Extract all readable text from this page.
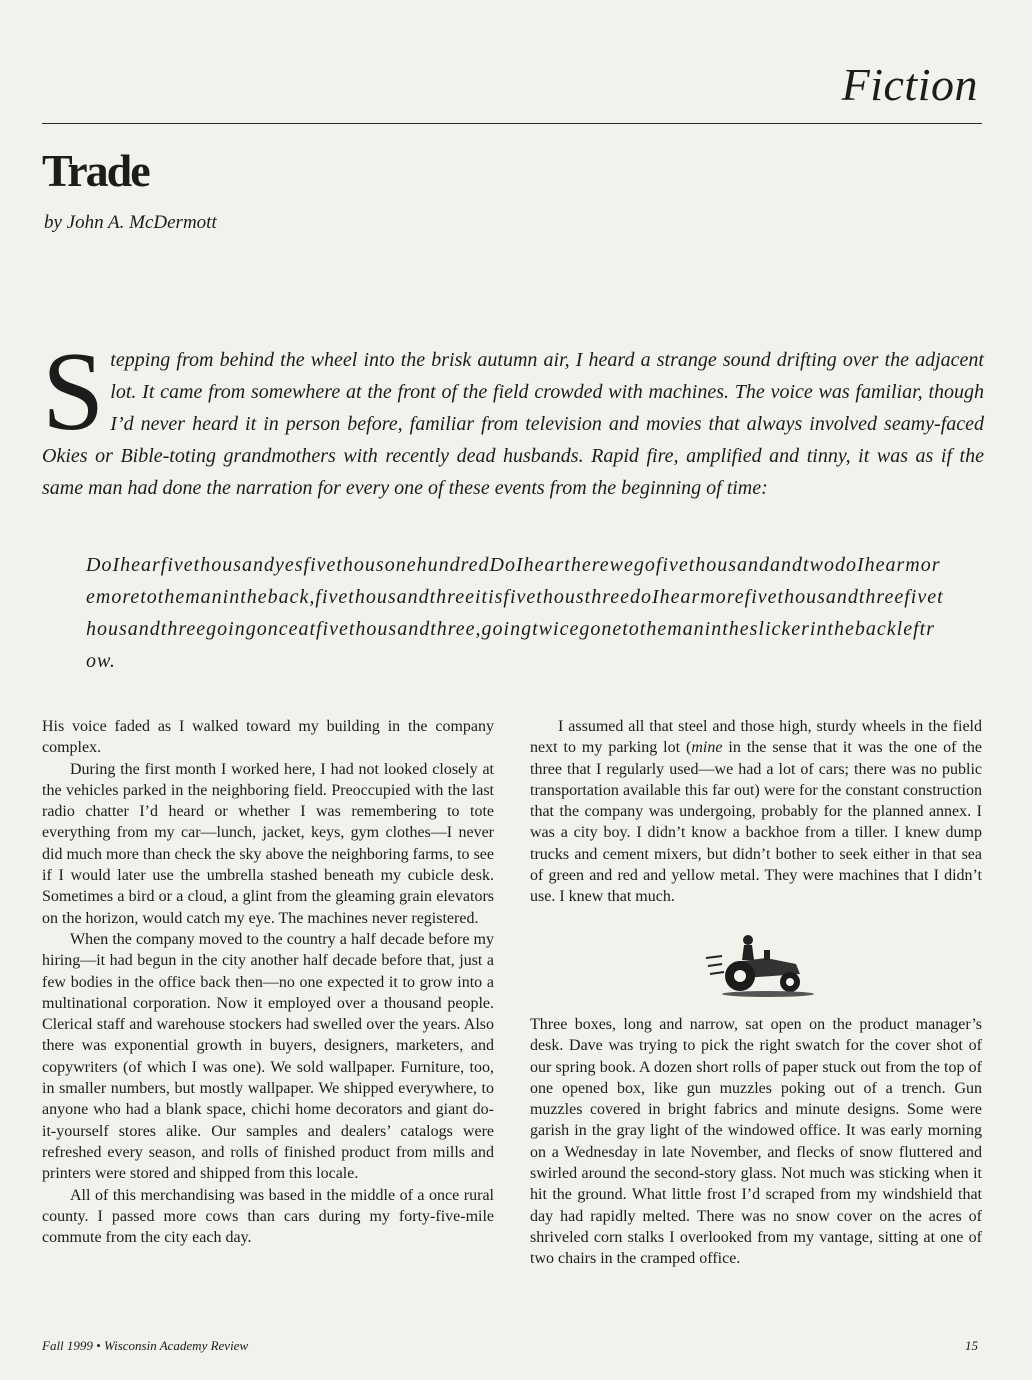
Fiction
Trade
by John A. McDermott
Stepping from behind the wheel into the brisk autumn air, I heard a strange sound drifting over the adjacent lot. It came from somewhere at the front of the field crowded with machines. The voice was familiar, though I’d never heard it in person before, familiar from television and movies that always involved seamy-faced Okies or Bible-toting grandmothers with recently dead husbands. Rapid fire, amplified and tinny, it was as if the same man had done the narration for every one of these events from the beginning of time:
DoIhearfivethousandyesfivethousonehundredDoIheartherewegofivethousandandtwodoIhearmoremoretothemanintheback,fivethousandthreeitisfivethousthreedoIhearmorefivethousandthreefivethousandthreegoingonceatfivethousandthree,goingtwicegonetothemanintheslickerinthebackleftrow.

His voice faded as I walked toward my building in the company complex.

During the first month I worked here, I had not looked closely at the vehicles parked in the neighboring field. Preoccupied with the last radio chatter I’d heard or whether I was remembering to tote everything from my car—lunch, jacket, keys, gym clothes—I never did much more than check the sky above the neighboring farms, to see if I would later use the umbrella stashed beneath my cubicle desk. Sometimes a bird or a cloud, a glint from the gleaming grain elevators on the horizon, would catch my eye. The machines never registered.

When the company moved to the country a half decade before my hiring—it had begun in the city another half decade before that, just a few bodies in the office back then—no one expected it to grow into a multinational corporation. Now it employed over a thousand people. Clerical staff and warehouse stockers had swelled over the years. Also there was exponential growth in buyers, designers, marketers, and copywriters (of which I was one). We sold wallpaper. Furniture, too, in smaller numbers, but mostly wallpaper. We shipped everywhere, to anyone who had a blank space, chichi home decorators and giant do-it-yourself stores alike. Our samples and dealers’ catalogs were refreshed every season, and rolls of finished product from mills and printers were stored and shipped from this locale.

All of this merchandising was based in the middle of a once rural county. I passed more cows than cars during my forty-five-mile commute from the city each day.

I assumed all that steel and those high, sturdy wheels in the field next to my parking lot (mine in the sense that it was the one of the three that I regularly used—we had a lot of cars; there was no public transportation available this far out) were for the constant construction that the company was undergoing, probably for the planned annex. I was a city boy. I didn’t know a backhoe from a tiller. I knew dump trucks and cement mixers, but didn’t bother to seek either in that sea of green and red and yellow metal. They were machines that I didn’t use. I knew that much.

Three boxes, long and narrow, sat open on the product manager’s desk. Dave was trying to pick the right swatch for the cover shot of our spring book. A dozen short rolls of paper stuck out from the top of one opened box, like gun muzzles poking out of a trench. Gun muzzles covered in bright fabrics and minute designs. Some were garish in the gray light of the windowed office. It was early morning on a Wednesday in late November, and flecks of snow fluttered and swirled around the second-story glass. Not much was sticking when it hit the ground. What little frost I’d scraped from my windshield that day had rapidly melted. There was no snow cover on the acres of shriveled corn stalks I overlooked from my vantage, sitting at one of two chairs in the cramped office.

Fall 1999 • Wisconsin Academy Review	15
